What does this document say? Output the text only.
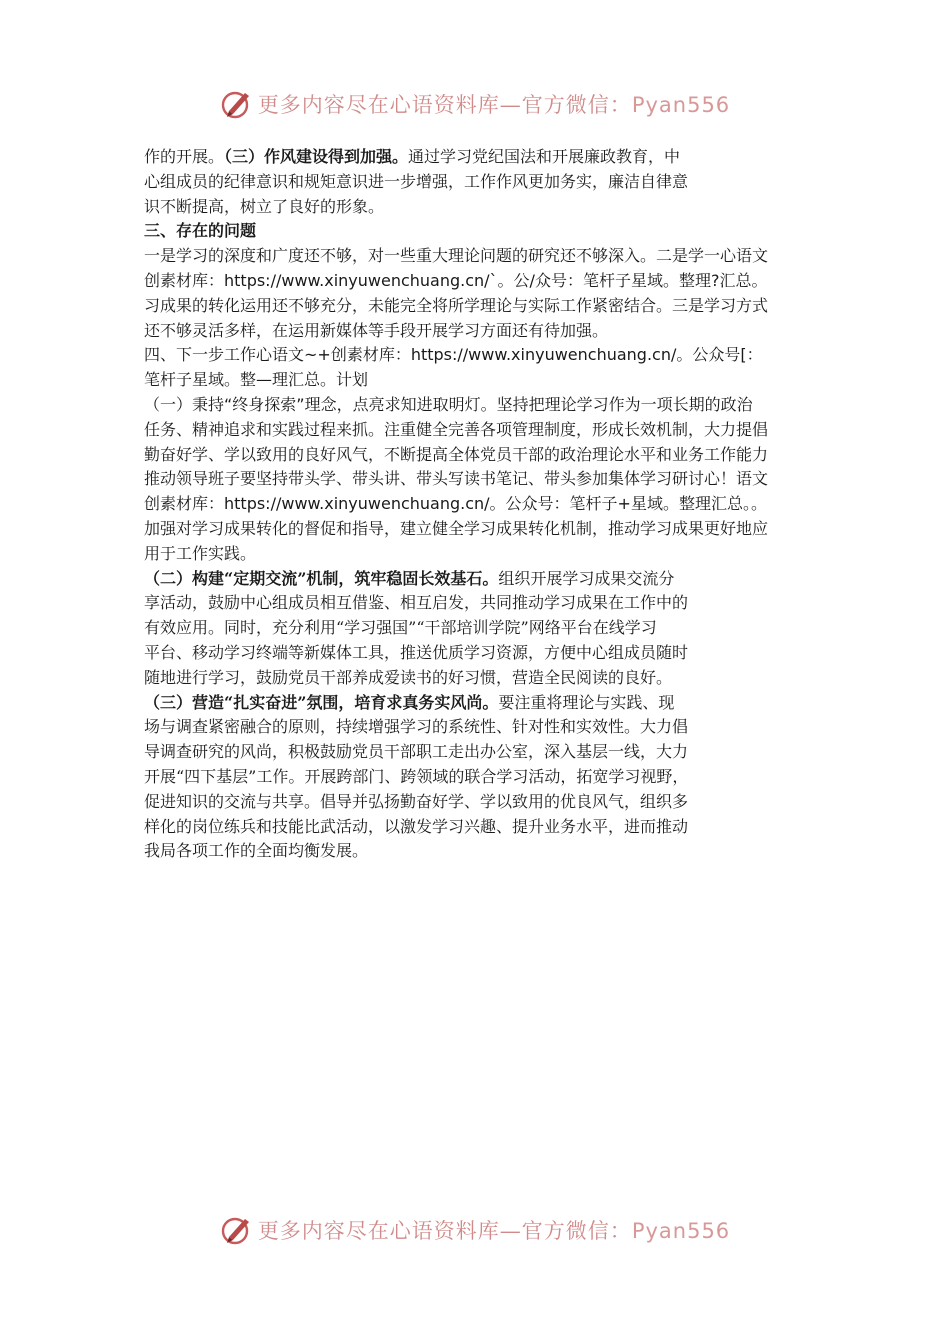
更多内容尽在心语资料库—官方微信：Pyan556

作的开展。（三）作风建设得到加强。通过学习党纪国法和开展廉政教育，中

心组成员的纪律意识和规矩意识进一步增强，工作作风更加务实，廉洁自律意

识不断提高，树立了良好的形象。

三、存在的问题

一是学习的深度和广度还不够，对一些重大理论问题的研究还不够深入。二是学一心语文

创素材库：https://www.xinyuwenchuang.cn/`。公/众号：笔杆子星域。整理?汇总。

习成果的转化运用还不够充分，未能完全将所学理论与实际工作紧密结合。三是学习方式

还不够灵活多样，在运用新媒体等手段开展学习方面还有待加强。

四、下一步工作心语文~+创素材库：https://www.xinyuwenchuang.cn/。公众号[：

笔杆子星域。整—理汇总。计划

（一）秉持“终身探索”理念，点亮求知进取明灯。坚持把理论学习作为一项长期的政治

任务、精神追求和实践过程来抓。注重健全完善各项管理制度，形成长效机制，大力提倡

勤奋好学、学以致用的良好风气，不断提高全体党员干部的政治理论水平和业务工作能力

推动领导班子要坚持带头学、带头讲、带头写读书笔记、带头参加集体学习研讨心！语文

创素材库：https://www.xinyuwenchuang.cn/。公众号：笔杆子+星域。整理汇总。。

加强对学习成果转化的督促和指导，建立健全学习成果转化机制，推动学习成果更好地应

用于工作实践。

（二）构建“定期交流”机制，筑牢稳固长效基石。组织开展学习成果交流分

享活动，鼓励中心组成员相互借鉴、相互启发，共同推动学习成果在工作中的

有效应用。同时，充分利用“学习强国”“干部培训学院”网络平台在线学习

平台、移动学习终端等新媒体工具，推送优质学习资源，方便中心组成员随时

随地进行学习，鼓励党员干部养成爱读书的好习惯，营造全民阅读的良好。

（三）营造“扎实奋进”氛围，培育求真务实风尚。要注重将理论与实践、现

场与调查紧密融合的原则，持续增强学习的系统性、针对性和实效性。大力倡

导调查研究的风尚，积极鼓励党员干部职工走出办公室，深入基层一线，大力

开展“四下基层”工作。开展跨部门、跨领域的联合学习活动，拓宽学习视野，

促进知识的交流与共享。倡导并弘扬勤奋好学、学以致用的优良风气，组织多

样化的岗位练兵和技能比武活动，以激发学习兴趣、提升业务水平，进而推动

我局各项工作的全面均衡发展。

更多内容尽在心语资料库—官方微信：Pyan556
